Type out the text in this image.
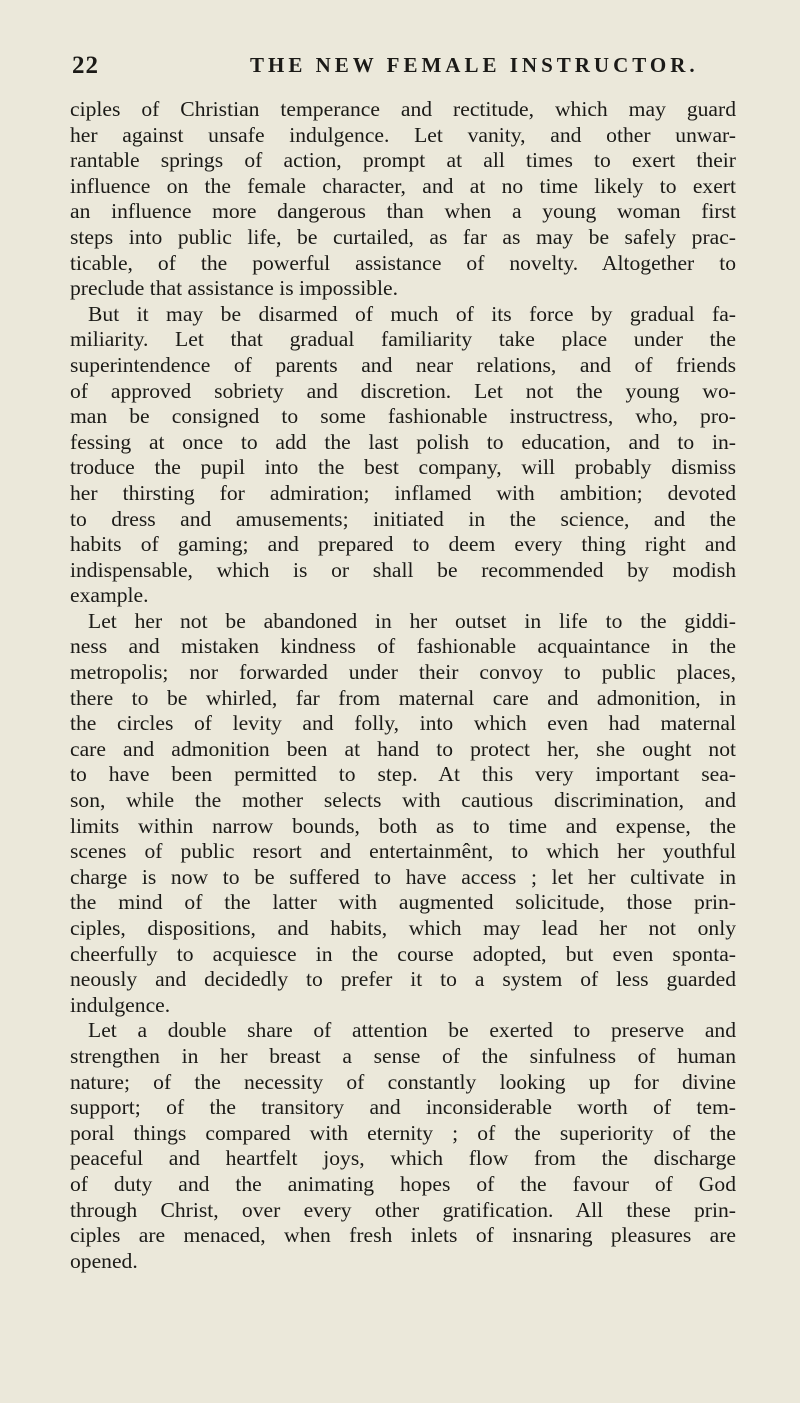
22	THE NEW FEMALE INSTRUCTOR.
ciples of Christian temperance and rectitude, which may guard
her against unsafe indulgence. Let vanity, and other unwar-
rantable springs of action, prompt at all times to exert their
influence on the female character, and at no time likely to exert
an influence more dangerous than when a young woman first
steps into public life, be curtailed, as far as may be safely prac-
ticable, of the powerful assistance of novelty. Altogether to
preclude that assistance is impossible.
But it may be disarmed of much of its force by gradual fa-
miliarity. Let that gradual familiarity take place under the
superintendence of parents and near relations, and of friends
of approved sobriety and discretion. Let not the young wo-
man be consigned to some fashionable instructress, who, pro-
fessing at once to add the last polish to education, and to in-
troduce the pupil into the best company, will probably dismiss
her thirsting for admiration; inflamed with ambition; devoted
to dress and amusements; initiated in the science, and the
habits of gaming; and prepared to deem every thing right and
indispensable, which is or shall be recommended by modish
example.
Let her not be abandoned in her outset in life to the giddi-
ness and mistaken kindness of fashionable acquaintance in the
metropolis; nor forwarded under their convoy to public places,
there to be whirled, far from maternal care and admonition, in
the circles of levity and folly, into which even had maternal
care and admonition been at hand to protect her, she ought not
to have been permitted to step. At this very important sea-
son, while the mother selects with cautious discrimination, and
limits within narrow bounds, both as to time and expense, the
scenes of public resort and entertainmênt, to which her youthful
charge is now to be suffered to have access ; let her cultivate in
the mind of the latter with augmented solicitude, those prin-
ciples, dispositions, and habits, which may lead her not only
cheerfully to acquiesce in the course adopted, but even sponta-
neously and decidedly to prefer it to a system of less guarded
indulgence.
Let a double share of attention be exerted to preserve and
strengthen in her breast a sense of the sinfulness of human
nature; of the necessity of constantly looking up for divine
support; of the transitory and inconsiderable worth of tem-
poral things compared with eternity ; of the superiority of the
peaceful and heartfelt joys, which flow from the discharge
of duty and the animating hopes of the favour of God
through Christ, over every other gratification. All these prin-
ciples are menaced, when fresh inlets of insnaring pleasures are
opened.
